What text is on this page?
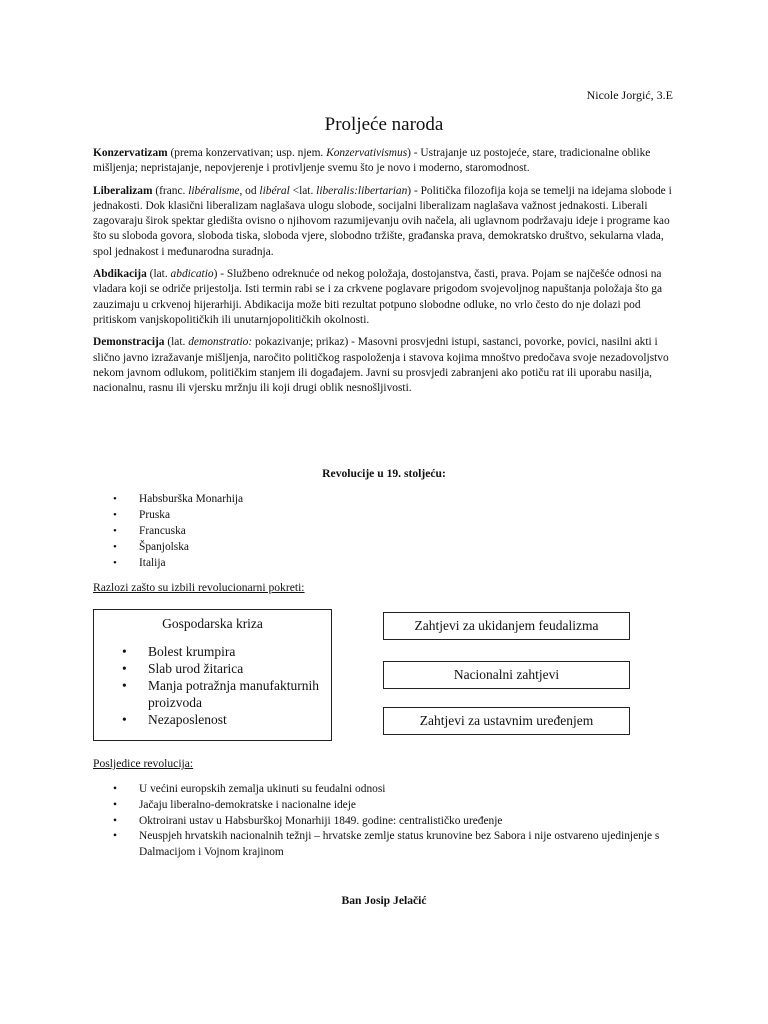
Nicole Jorgić, 3.E
Proljeće naroda

Konzervatizam (prema konzervativan; usp. njem. Konzervativismus) - Ustrajanje uz postojeće, stare, tradicionalne oblike mišljenja; nepristajanje, nepovjerenje i protivljenje svemu što je novo i moderno, staromodnost.

Liberalizam (franc. libéralisme, od libéral <lat. liberalis:libertarian) - Politička filozofija koja se temelji na idejama slobode i jednakosti. Dok klasični liberalizam naglašava ulogu slobode, socijalni liberalizam naglašava važnost jednakosti. Liberali zagovaraju širok spektar gledišta ovisno o njihovom razumijevanju ovih načela, ali uglavnom podržavaju ideje i programe kao što su sloboda govora, sloboda tiska, sloboda vjere, slobodno tržište, građanska prava, demokratsko društvo, sekularna vlada, spol jednakost i međunarodna suradnja.

Abdikacija (lat. abdicatio) - Službeno odreknuće od nekog položaja, dostojanstva, časti, prava. Pojam se najčešće odnosi na vladara koji se odriče prijestolja. Isti termin rabi se i za crkvene poglavare prigodom svojevoljnog napuštanja položaja što ga zauzimaju u crkvenoj hijerarhiji. Abdikacija može biti rezultat potpuno slobodne odluke, no vrlo često do nje dolazi pod pritiskom vanjskopolitičkih ili unutarnjopolitičkih okolnosti.

Demonstracija (lat. demonstratio: pokazivanje; prikaz) - Masovni prosvjedni istupi, sastanci, povorke, povici, nasilni akti i slično javno izražavanje mišljenja, naročito političkog raspoloženja i stavova kojima mnoštvo predočava svoje nezadovoljstvo nekom javnom odlukom, političkim stanjem ili događajem. Javni su prosvjedi zabranjeni ako potiču rat ili uporabu nasilja, nacionalnu, rasnu ili vjersku mržnju ili koji drugi oblik nesnošljivosti.

Revolucije u 19. stoljeću:
• Habsburška Monarhija
• Pruska
• Francuska
• Španjolska
• Italija
Razlozi zašto su izbili revolucionarni pokreti:
Gospodarska kriza
• Bolest krumpira
• Slab urod žitarica
• Manja potražnja manufakturnih proizvoda
• Nezaposlenost
Zahtjevi za ukidanjem feudalizma
Nacionalni zahtjevi
Zahtjevi za ustavnim uređenjem
Posljedice revolucija:
• U većini europskih zemalja ukinuti su feudalni odnosi
• Jačaju liberalno-demokratske i nacionalne ideje
• Oktroirani ustav u Habsburškoj Monarhiji 1849. godine: centralističko uređenje
• Neuspjeh hrvatskih nacionalnih težnji – hrvatske zemlje status krunovine bez Sabora i nije ostvareno ujedinjenje s Dalmacijom i Vojnom krajinom
Ban Josip Jelačić
